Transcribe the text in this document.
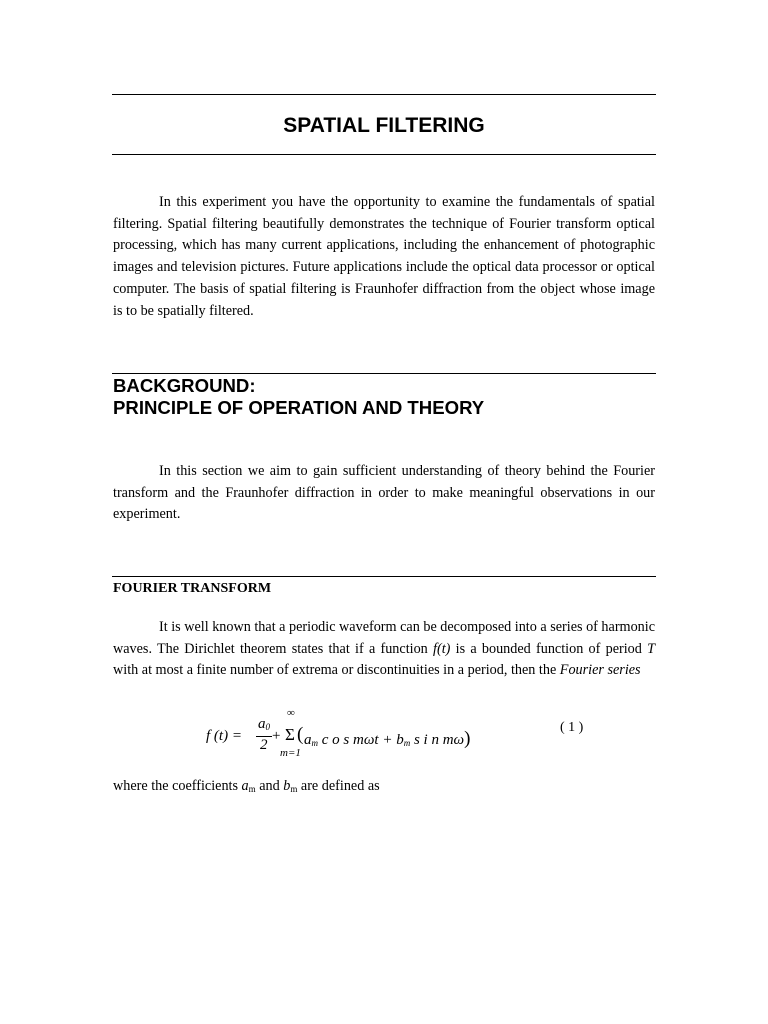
SPATIAL FILTERING

In this experiment you have the opportunity to examine the fundamentals of spatial filtering. Spatial filtering beautifully demonstrates the technique of Fourier transform optical processing, which has many current applications, including the enhancement of photographic images and television pictures. Future applications include the optical data processor or optical computer. The basis of spatial filtering is Fraunhofer diffraction from the object whose image is to be spatially filtered.

BACKGROUND:
PRINCIPLE OF OPERATION AND THEORY

In this section we aim to gain sufficient understanding of theory behind the Fourier transform and the Fraunhofer diffraction in order to make meaningful observations in our experiment.

FOURIER TRANSFORM

It is well known that a periodic waveform can be decomposed into a series of harmonic waves. The Dirichlet theorem states that if a function f(t) is a bounded function of period T with at most a finite number of extrema or discontinuities in a period, then the Fourier series

f (t) =
$a_0$
2
+
∞
Σ
m=1
( $a_m$ c o s $m\omega t + b_m$ s i n mω)
( 1 )

where the coefficients $a_m$ and $b_m$ are defined as
